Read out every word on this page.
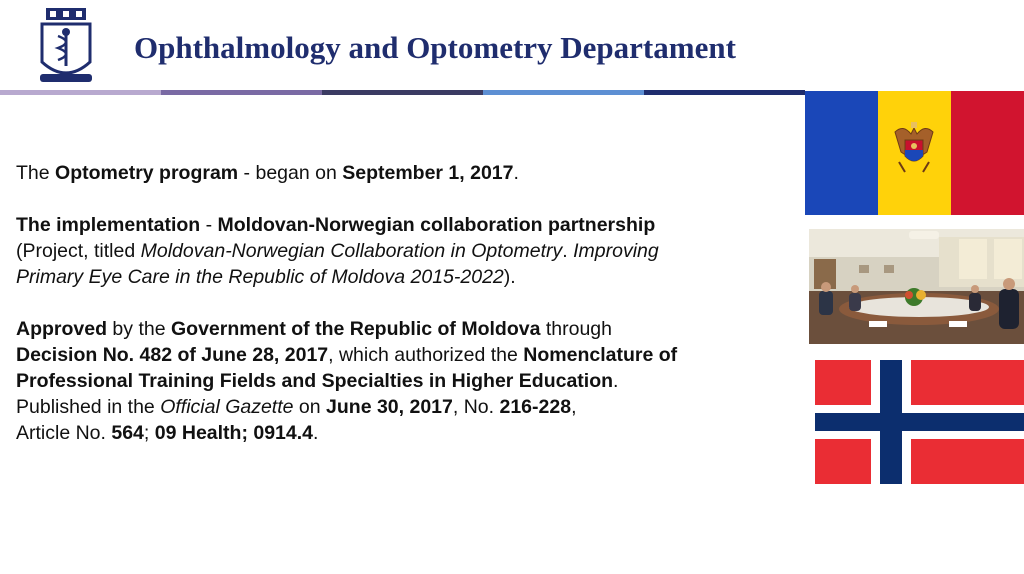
Ophthalmology and Optometry Departament

The Optometry program - began on September 1, 2017.

The implementation - Moldovan-Norwegian collaboration partnership
(Project, titled Moldovan-Norwegian Collaboration in Optometry. Improving
Primary Eye Care in the Republic of Moldova 2015-2022).

Approved by the Government of the Republic of Moldova through
Decision No. 482 of June 28, 2017, which authorized the Nomenclature of
Professional Training Fields and Specialties in Higher Education.
Published in the Official Gazette on June 30, 2017, No. 216-228,
Article No. 564; 09 Health; 0914.4.
